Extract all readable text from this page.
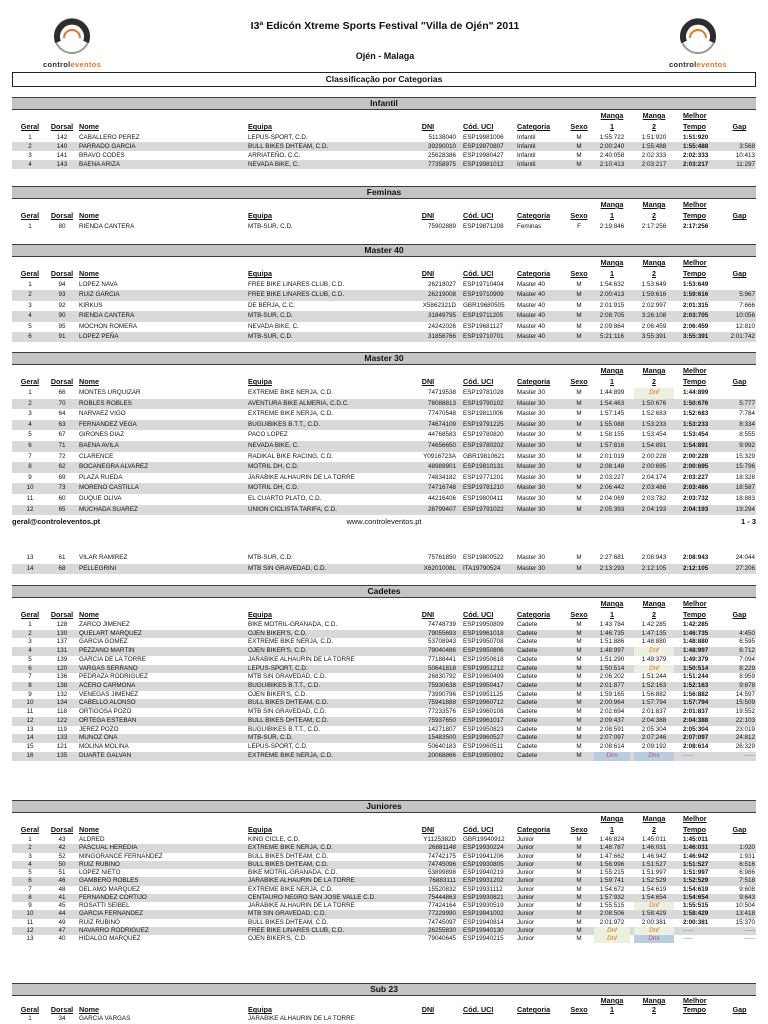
controleventos	controleventos
I3ª Edicón Xtreme Sports Festival "Villa de Ojén" 2011
Ojén - Malaga
Classificação por Categorias
Infantil
Manga	Manga	Melhor
Geral	Dorsal Nome	Equipa	DNI	Cód. UCI	Categoria	Sexo	1	2	Tempo	Gap
1	142	CABALLERO PEREZ	LEPUS-SPORT, C.D.	51138040 ESP19981006	Infantil	M	1:55:722	1:51:920	1:51:920
2	140	PARRADO GARCIA	BULL BIKES DHTEAM, C.D.	39290010 ESP19970807	Infantil	M	2:00:240	1:55:488	1:55:488	3:568
3	141	BRAVO CODES	ARRIATEÑO, C.C.	25628386 ESP19980427	Infantil	M	2:40:058	2:02:333	2:02:333	10:413
4	143	BAENA ARIZA	NEVADA BIKE, C.	77358975 ESP19981012	Infantil	M	2:10:413	2:03:217	2:03:217	11:297
Feminas
Manga	Manga	Melhor
Geral	Dorsal Nome	Equipa	DNI	Cód. UCI	Categoria	Sexo	1	2	Tempo	Gap
1	80	RIENDA CANTERA	MTB-SUR, C.D.	75902889 ESP19871208	Feminas	F	2:19:846	2:17:256	2:17:256
Master 40
Manga	Manga	Melhor
Geral	Dorsal Nome	Equipa	DNI	Cód. UCI	Categoria	Sexo	1	2	Tempo	Gap
1	94	LOPEZ NAVA	FREE BIKE LINARES CLUB, C.D.	26218027 ESP19710404	Master 40	M	1:54:632	1:53:649	1:53:649
2	93	RUIZ GARCIA	FREE BIKE LINARES CLUB, C.D.	26219008 ESP19710909	Master 40	M	2:00:413	1:59:616	1:59:616	5:967
3	92	KIRKUS	DE BERJA, C.C.	X5862321D GBR19680505	Master 40	M	2:01:915	2:02:997	2:01:315	7:666
4	90	RIENDA CANTERA	MTB-SUR, C.D.	31849795 ESP19711205	Master 40	M	2:08:705	3:26:108	2:03:705	10:056
5	95	MOCHON ROMERA	NEVADA BIKE, C.	24242026 ESP19681127	Master 40	M	2:09:864	2:06:459	2:06:459	12:810
6	91	LOPEZ PEÑA	MTB-SUR, C.D.	31856766 ESP19710701	Master 40	M	5:21:116	3:55:391	3:55:391	2:01:742
Master 30
Manga	Manga	Melhor
Geral	Dorsal Nome	Equipa	DNI	Cód. UCI	Categoria	Sexo	1	2	Tempo	Gap
1	66	MONTES URQUIZAR	EXTREME BIKE NERJA, C.D.	74719538 ESP19781028	Master 30	M	1:44:899	Dnf	1:44:899
2	70	ROBLES ROBLES	AVENTURA BIKE ALMERIA, C.D.C.	78088813 ESP19790102	Master 30	M	1:54:463	1:50:676	1:50:676	5:777
3	64	NARVAEZ VIGO	EXTREME BIKE NERJA, C.D.	77470548 ESP19811006	Master 30	M	1:57:145	1:52:683	1:52:683	7:784
4	63	FERNANDEZ VEGA	BUGUIBIKES B.T.T., C.D.	74674109 ESP19791225	Master 30	M	1:55:088	1:53:233	1:53:233	8:334
5	67	GIRONES DIAZ	PACO LOPEZ	44768583 ESP19780820	Master 30	M	1:58:155	1:53:454	1:53:454	8:555
6	71	BAENA AVILA	NEVADA BIKE, C.	74656650 ESP19780202	Master 30	M	1:57:816	1:54:891	1:54:891	9:992
7	72	CLARENCE	RADIKAL BIKE RACING, C.D.	Y0916723A GBR19810621	Master 30	M	2:01:019	2:00:228	2:00:228	15:329
8	62	BOCANEGRA ALVAREZ	MOTRIL DH, C.D.	48989901 ESP19810131	Master 30	M	2:08:148	2:00:695	2:00:695	15:796
9	69	PLAZA RUEDA	JARABIKE ALHAURIN DE LA TORRE	74834182 ESP19771201	Master 30	M	2:03:227	2:04:174	2:03:227	18:328
10	73	MORENO CASTILLA	MOTRIL DH, C.D.	74716748 ESP19781210	Master 30	M	2:06:442	2:03:486	2:03:486	18:587
11	60	DUQUE OLIVA	EL CUARTO PLATO, C.D.	44216406 ESP19800411	Master 30	M	2:04:069	2:03:782	2:03:732	18:883
12	65	MUCHADA SUAREZ	UNION CICLISTA TARIFA, C.D.	28799407 ESP19791022	Master 30	M	2:05:393	2:04:193	2:04:193	19:294
geral@controleventos.pt	www.controleventos.pt	1 - 3
13	61	VILAR RAMIREZ	MTB-SUR, C.D.	75761850 ESP19800522	Master 30	M	2:27:681	2:08:943	2:08:943	24:044
14	68	PELLEGRINI	MTB SIN GRAVEDAD, C.D.	X6201008L ITA19790524	Master 30	M	2:13:293	2:12:105	2:12:105	27:206
Cadetes
Manga	Manga	Melhor
Geral	Dorsal Nome	Equipa	DNI	Cód. UCI	Categoria	Sexo	1	2	Tempo	Gap
1	128	ZARCO JIMENEZ	BIKE MOTRIL-GRANADA, C.D.	74748739 ESP19950809	Cadete	M	1:43:784	1:42:285	1:42:285
2	130	QUELART MARQUEZ	OJEN BIKER'S, C.D.	79055693 ESP19961018	Cadete	M	1:46:735	1:47:135	1:46:735	4:450
3	137	GARCIA GOMEZ	EXTREME BIKE NERJA, C.D.	53708943 ESP19950708	Cadete	M	1:51:886	1:48:880	1:48:880	6:595
4	131	PEZZANO MARTIN	OJEN BIKER'S, C.D.	79040486 ESP19950806	Cadete	M	1:48:997	Dnf	1:48:997	6:712
5	139	GARCIA DE LA TORRE	JARABIKE ALHAURIN DE LA TORRE	77188441 ESP19950618	Cadete	M	1:51:290	1:49:379	1:49:379	7:094
6	120	VARGAS SERRANO	LEPUS-SPORT, C.D.	50641818 ESP19951212	Cadete	M	1:50:514	Dnf	1:50:514	8:229
7	136	PEDRAZA RODRIGUEZ	MTB SIN GRAVEDAD, C.D.	26830792 ESP19960409	Cadete	M	2:06:202	1:51:244	1:51:244	8:959
8	138	ACERO CARMONA	BUGUIBIKES B.T.T., C.D.	75930638 ESP19950417	Cadete	M	2:01:877	1:52:163	1:52:163	9:878
9	132	VENEGAS JIMENEZ	OJEN BIKER'S, C.D.	73990796 ESP19951125	Cadete	M	1:59:165	1:56:882	1:56:882	14:597
10	134	CABELLO ALONSO	BULL BIKES DHTEAM, C.D.	75941888 ESP19960712	Cadete	M	2:00:964	1:57:794	1:57:794	15:509
11	118	ORTIGOSA POZO	MTB SIN GRAVEDAD, C.D.	77233576 ESP19960108	Cadete	M	2:02:694	2:01:837	2:01:837	19:552
12	122	ORTEGA ESTEBAN	BULL BIKES DHTEAM, C.D.	75937650 ESP19961017	Cadete	M	2:09:437	2:04:388	2:04:388	22:103
13	119	JEREZ POZO	BUGUIBIKES B.T.T., C.D.	14271807 ESP19950823	Cadete	M	2:08:591	2:05:304	2:05:304	23:019
14	133	MUÑOZ OÑA	MTB-SUR, C.D.	15483500 ESP19960527	Cadete	M	2:07:097	2:07:246	2:07:097	24:812
15	121	MOLINA MOLINA	LEPUS-SPORT, C.D.	50640183 ESP19960511	Cadete	M	2:08:614	2:09:192	2:08:614	26:329
16	135	DUARTE GALVAN	EXTREME BIKE NERJA, C.D.	20068866 ESP19950902	Cadete	M	Dns	Dns	-----	-----
Juniores
Manga	Manga	Melhor
Geral	Dorsal Nome	Equipa	DNI	Cód. UCI	Categoria	Sexo	1	2	Tempo	Gap
1	43	ALDRED	KING CICLE, C.D.	Y1125382D GBR19940912	Junior	M	1:46:824	1:45:011	1:45:011
2	42	PASCUAL HEREDIA	EXTREME BIKE NERJA, C.D.	26881148 ESP19930224	Junior	M	1:48:787	1:46:031	1:46:031	1:020
3	52	MINGORANCE FERNANDEZ	BULL BIKES DHTEAM, C.D.	74742175 ESP19941206	Junior	M	1:47:662	1:46:942	1:46:942	1:931
4	50	RUIZ RUBIÑO	BULL BIKES DHTEAM, C.D.	74745096 ESP19930805	Junior	M	1:56:996	1:51:527	1:51:527	6:516
5	51	LOPEZ NIETO	BIKE MOTRIL-GRANADA, C.D.	53899898 ESP19940219	Junior	M	1:55:215	1:51:997	1:51:997	6:986
6	46	GAMBERO ROBLES	JARABIKE ALHAURIN DE LA TORRE	76883111 ESP19931202	Junior	M	1:59:741	1:52:529	1:52:529	7:518
7	48	DEL AMO MARQUEZ	EXTREME BIKE NERJA, C.D.	15520832 ESP19931112	Junior	M	1:54:672	1:54:619	1:54:619	9:608
8	41	FERNANDEZ CORTIJO	CENTAURO NEGRO SAN JOSE VALLE C.D.	75444863 ESP19930821	Junior	M	1:57:932	1:54:654	1:54:654	9:643
9	45	ROSATTI SEIBEL	JARABIKE ALHAURIN DE LA TORRE	77424164 ESP19930519	Junior	M	1:55:515	Dnf	1:55:515	10:504
10	44	GARCIA FERNANDEZ	MTB SIN GRAVEDAD, C.D.	77229990 ESP19941002	Junior	M	2:08:506	1:58:429	1:58:429	13:418
11	49	RUIZ RUBIÑO	BULL BIKES DHTEAM, C.D.	74745097 ESP19940814	Junior	M	2:01:972	2:00:381	2:00:381	15:370
12	47	NAVARRO RODRIGUEZ	FREE BIKE LINARES CLUB, C.D.	26255830 ESP19940130	Junior	M	Dnf	Dnf	-----	-----
13	40	HIDALGO MARQUEZ	OJEN BIKER'S, C.D.	79040645 ESP19940215	Junior	M	Dnf	Dns	-----	-----
Sub 23
Manga	Manga	Melhor
Geral	Dorsal Nome	Equipa	DNI	Cód. UCI	Categoria	Sexo	1	2	Tempo	Gap
1	34	GARCIA VARGAS	JARABIKE ALHAURIN DE LA TORRE
